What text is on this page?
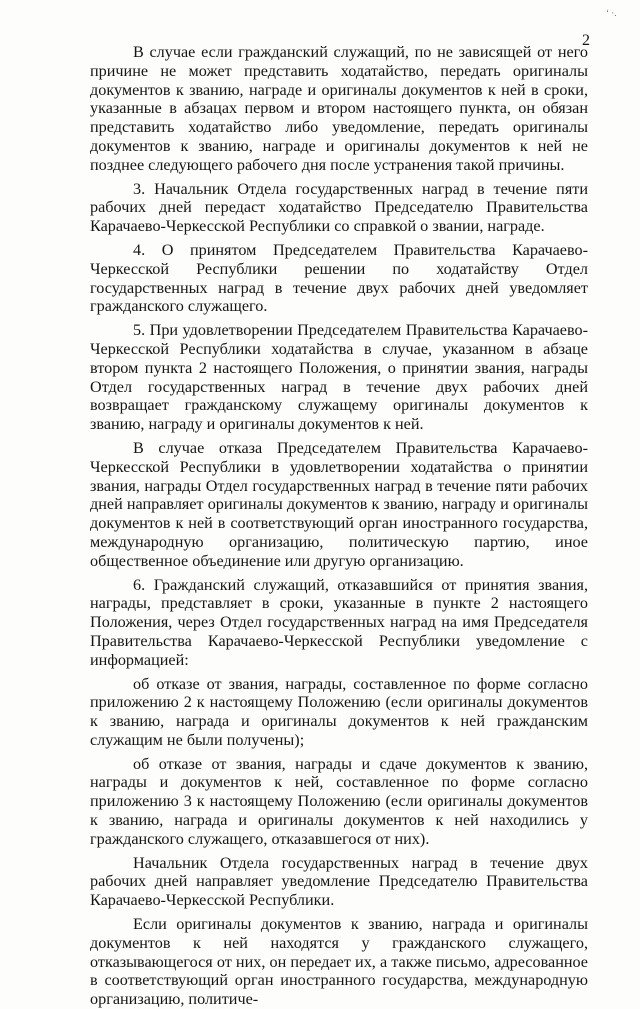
‘ ·.
2

В случае если гражданский служащий, по не зависящей от него причине не может представить ходатайство, передать оригиналы документов к званию, награде и оригиналы документов к ней в сроки, указанные в абзацах первом и втором настоящего пункта, он обязан представить ходатайство либо уведомление, передать оригиналы документов к званию, награде и оригиналы документов к ней не позднее следующего рабочего дня после устранения такой причины.

3. Начальник Отдела государственных наград в течение пяти рабочих дней передаст ходатайство Председателю Правительства Карачаево-Черкесской Республики со справкой о звании, награде.

4. О принятом Председателем Правительства Карачаево-Черкесской Республики решении по ходатайству Отдел государственных наград в течение двух рабочих дней уведомляет гражданского служащего.

5. При удовлетворении Председателем Правительства Карачаево-Черкесской Республики ходатайства в случае, указанном в абзаце втором пункта 2 настоящего Положения, о принятии звания, награды Отдел государственных наград в течение двух рабочих дней возвращает гражданскому служащему оригиналы документов к званию, награду и оригиналы документов к ней.

В случае отказа Председателем Правительства Карачаево-Черкесской Республики в удовлетворении ходатайства о принятии звания, награды Отдел государственных наград в течение пяти рабочих дней направляет оригиналы документов к званию, награду и оригиналы документов к ней в соответствующий орган иностранного государства, международную организацию, политическую партию, иное общественное объединение или другую организацию.

6. Гражданский служащий, отказавшийся от принятия звания, награды, представляет в сроки, указанные в пункте 2 настоящего Положения, через Отдел государственных наград на имя Председателя Правительства Карачаево-Черкесской Республики уведомление с информацией:

об отказе от звания, награды, составленное по форме согласно приложению 2 к настоящему Положению (если оригиналы документов к званию, награда и оригиналы документов к ней гражданским служащим не были получены);

об отказе от звания, награды и сдаче документов к званию, награды и документов к ней, составленное по форме согласно приложению 3 к настоящему Положению (если оригиналы документов к званию, награда и оригиналы документов к ней находились у гражданского служащего, отказавшегося от них).

Начальник Отдела государственных наград в течение двух рабочих дней направляет уведомление Председателю Правительства Карачаево-Черкесской Республики.

Если оригиналы документов к званию, награда и оригиналы документов к ней находятся у гражданского служащего, отказывающегося от них, он передает их, а также письмо, адресованное в соответствующий орган иностранного государства, международную организацию, политиче-
